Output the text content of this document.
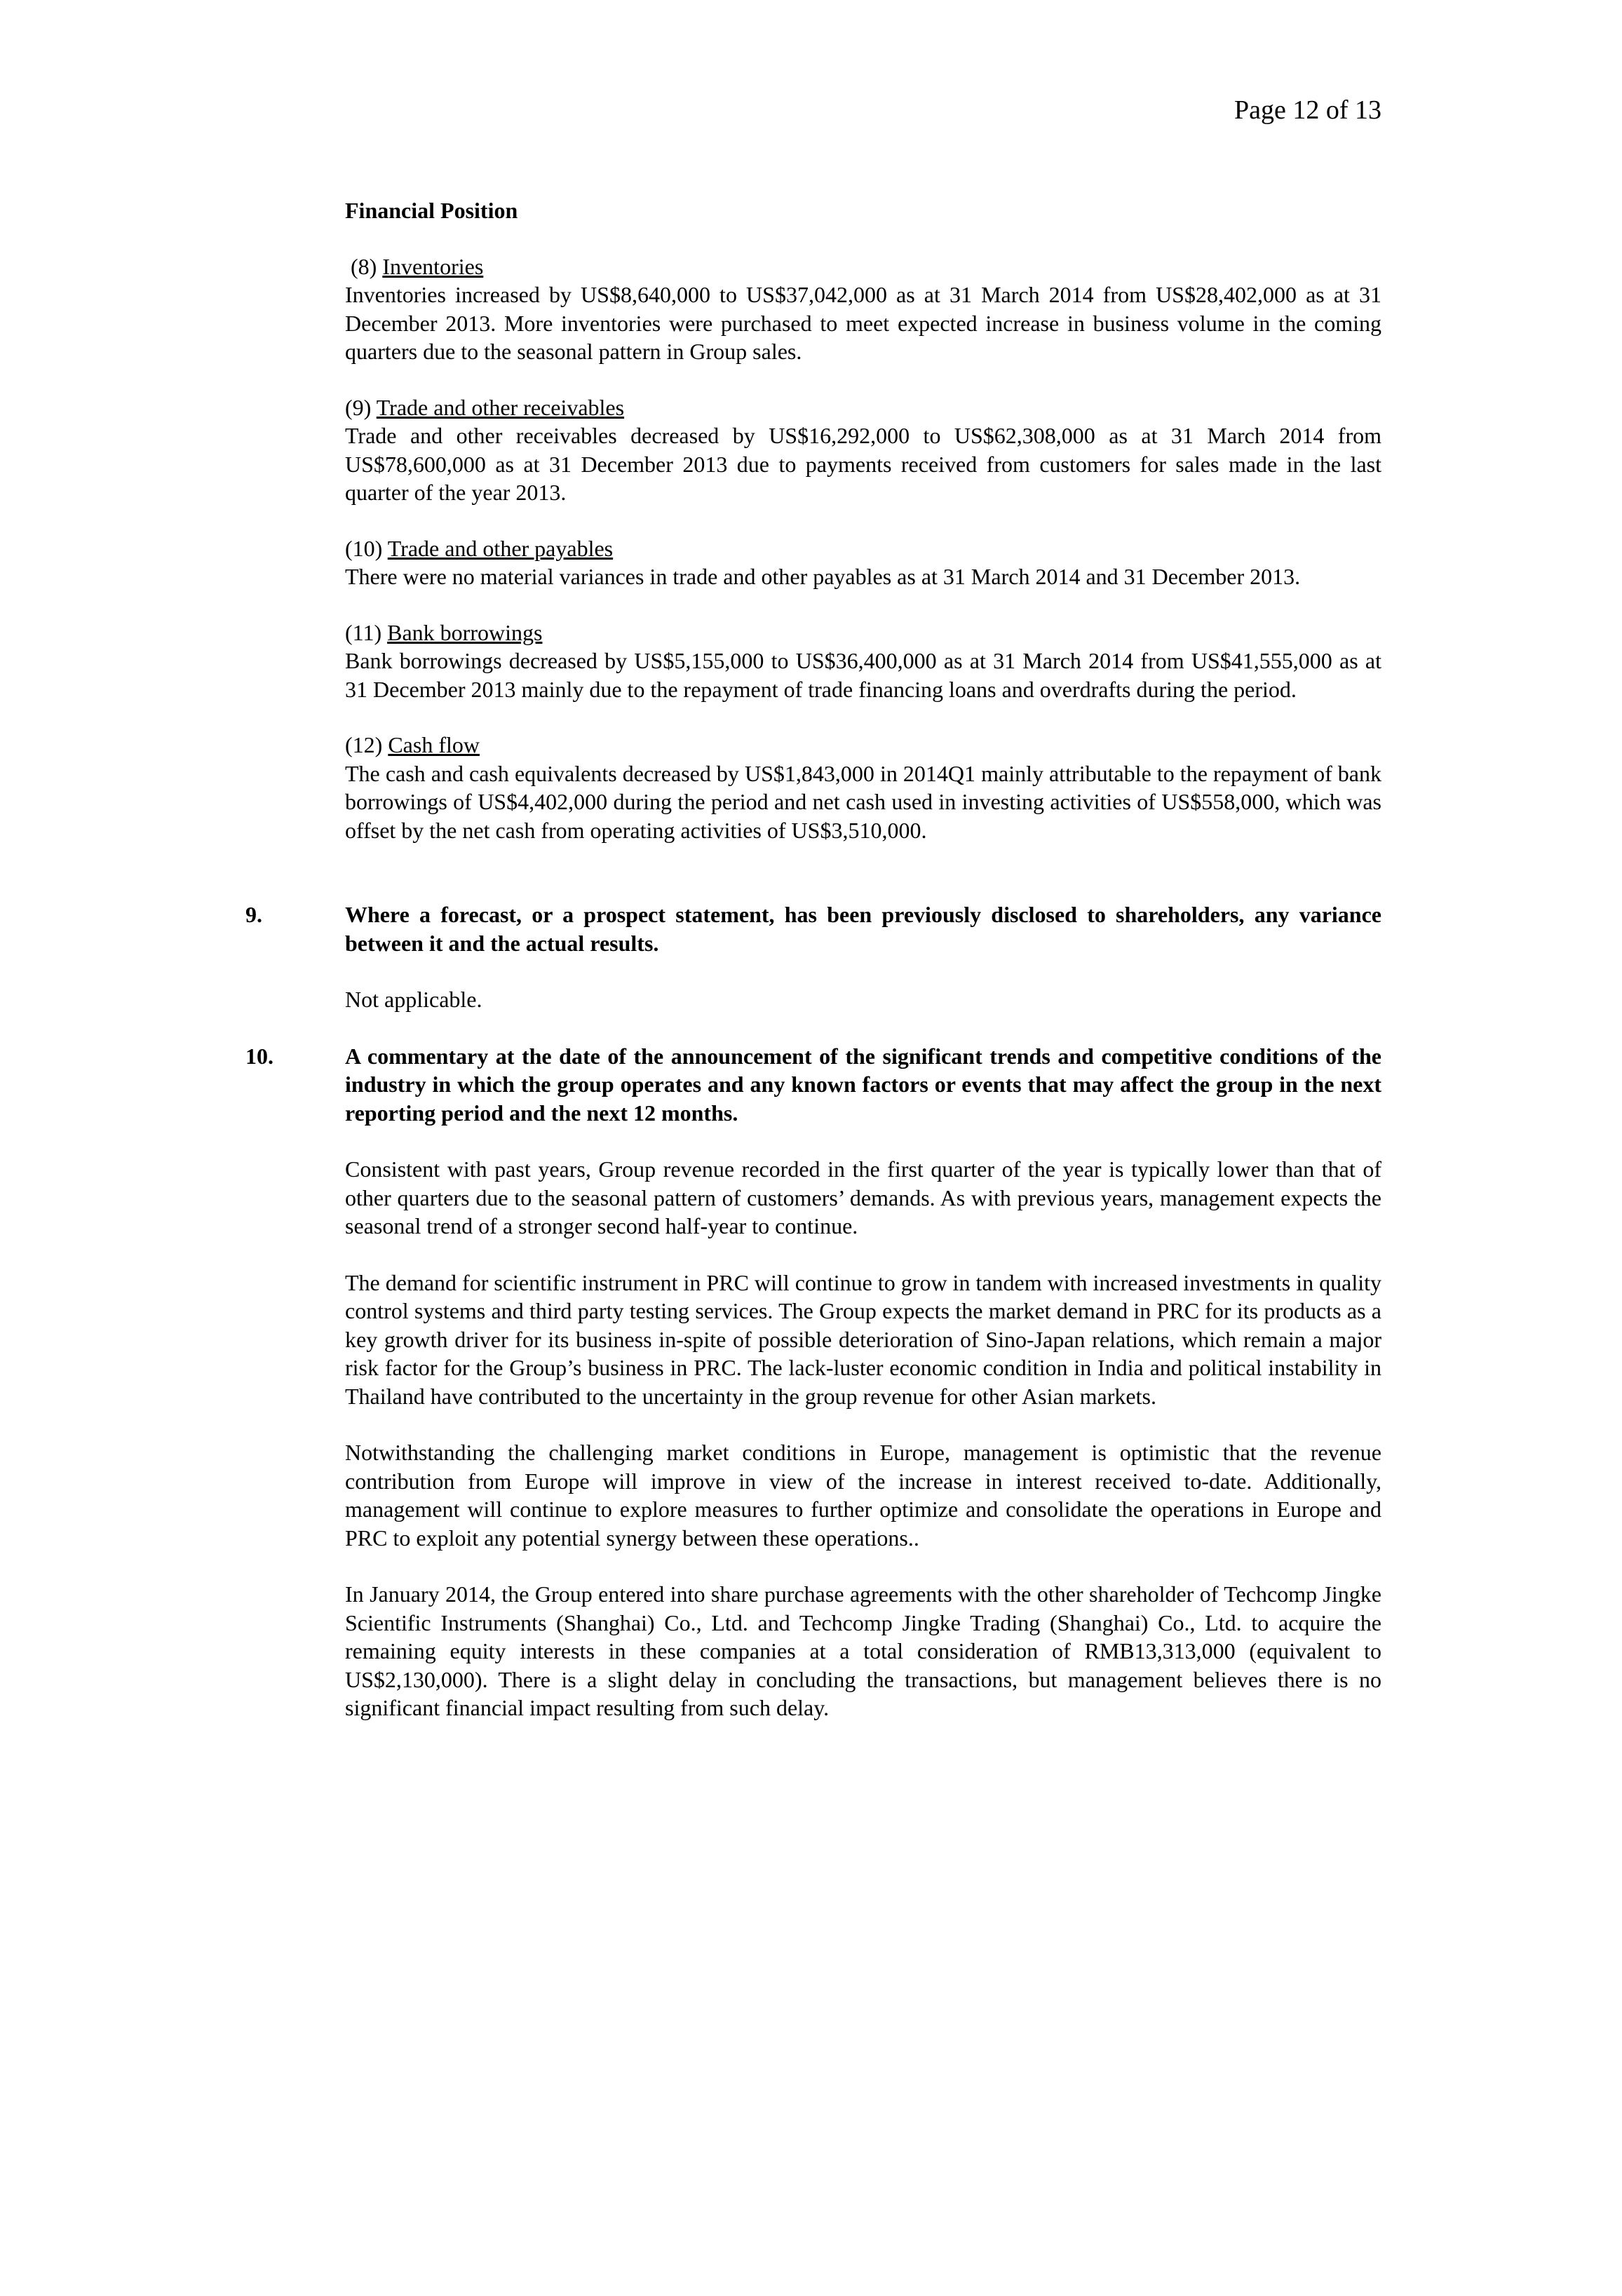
Page 12 of 13
Financial Position
(8) Inventories

Inventories increased by US$8,640,000 to US$37,042,000 as at 31 March 2014 from US$28,402,000 as at 31 December 2013. More inventories were purchased to meet expected increase in business volume in the coming quarters due to the seasonal pattern in Group sales.

(9) Trade and other receivables

Trade and other receivables decreased by US$16,292,000 to US$62,308,000 as at 31 March 2014 from US$78,600,000 as at 31 December 2013 due to payments received from customers for sales made in the last quarter of the year 2013.

(10) Trade and other payables

There were no material variances in trade and other payables as at 31 March 2014 and 31 December 2013.

(11) Bank borrowings

Bank borrowings decreased by US$5,155,000 to US$36,400,000 as at 31 March 2014 from US$41,555,000 as at 31 December 2013 mainly due to the repayment of trade financing loans and overdrafts during the period.

(12) Cash flow

The cash and cash equivalents decreased by US$1,843,000 in 2014Q1 mainly attributable to the repayment of bank borrowings of US$4,402,000 during the period and net cash used in investing activities of US$558,000, which was offset by the net cash from operating activities of US$3,510,000.

9.	Where a forecast, or a prospect statement, has been previously disclosed to shareholders, any variance between it and the actual results.
Not applicable.
10.	A commentary at the date of the announcement of the significant trends and competitive conditions of the industry in which the group operates and any known factors or events that may affect the group in the next reporting period and the next 12 months.
Consistent with past years, Group revenue recorded in the first quarter of the year is typically lower than that of other quarters due to the seasonal pattern of customers’ demands. As with previous years, management expects the seasonal trend of a stronger second half-year to continue.
The demand for scientific instrument in PRC will continue to grow in tandem with increased investments in quality control systems and third party testing services. The Group expects the market demand in PRC for its products as a key growth driver for its business in-spite of possible deterioration of Sino-Japan relations, which remain a major risk factor for the Group’s business in PRC. The lack-luster economic condition in India and political instability in Thailand have contributed to the uncertainty in the group revenue for other Asian markets.
Notwithstanding the challenging market conditions in Europe, management is optimistic that the revenue contribution from Europe will improve in view of the increase in interest received to-date. Additionally, management will continue to explore measures to further optimize and consolidate the operations in Europe and PRC to exploit any potential synergy between these operations..
In January 2014, the Group entered into share purchase agreements with the other shareholder of Techcomp Jingke Scientific Instruments (Shanghai) Co., Ltd. and Techcomp Jingke Trading (Shanghai) Co., Ltd. to acquire the remaining equity interests in these companies at a total consideration of RMB13,313,000 (equivalent to US$2,130,000). There is a slight delay in concluding the transactions, but management believes there is no significant financial impact resulting from such delay.
